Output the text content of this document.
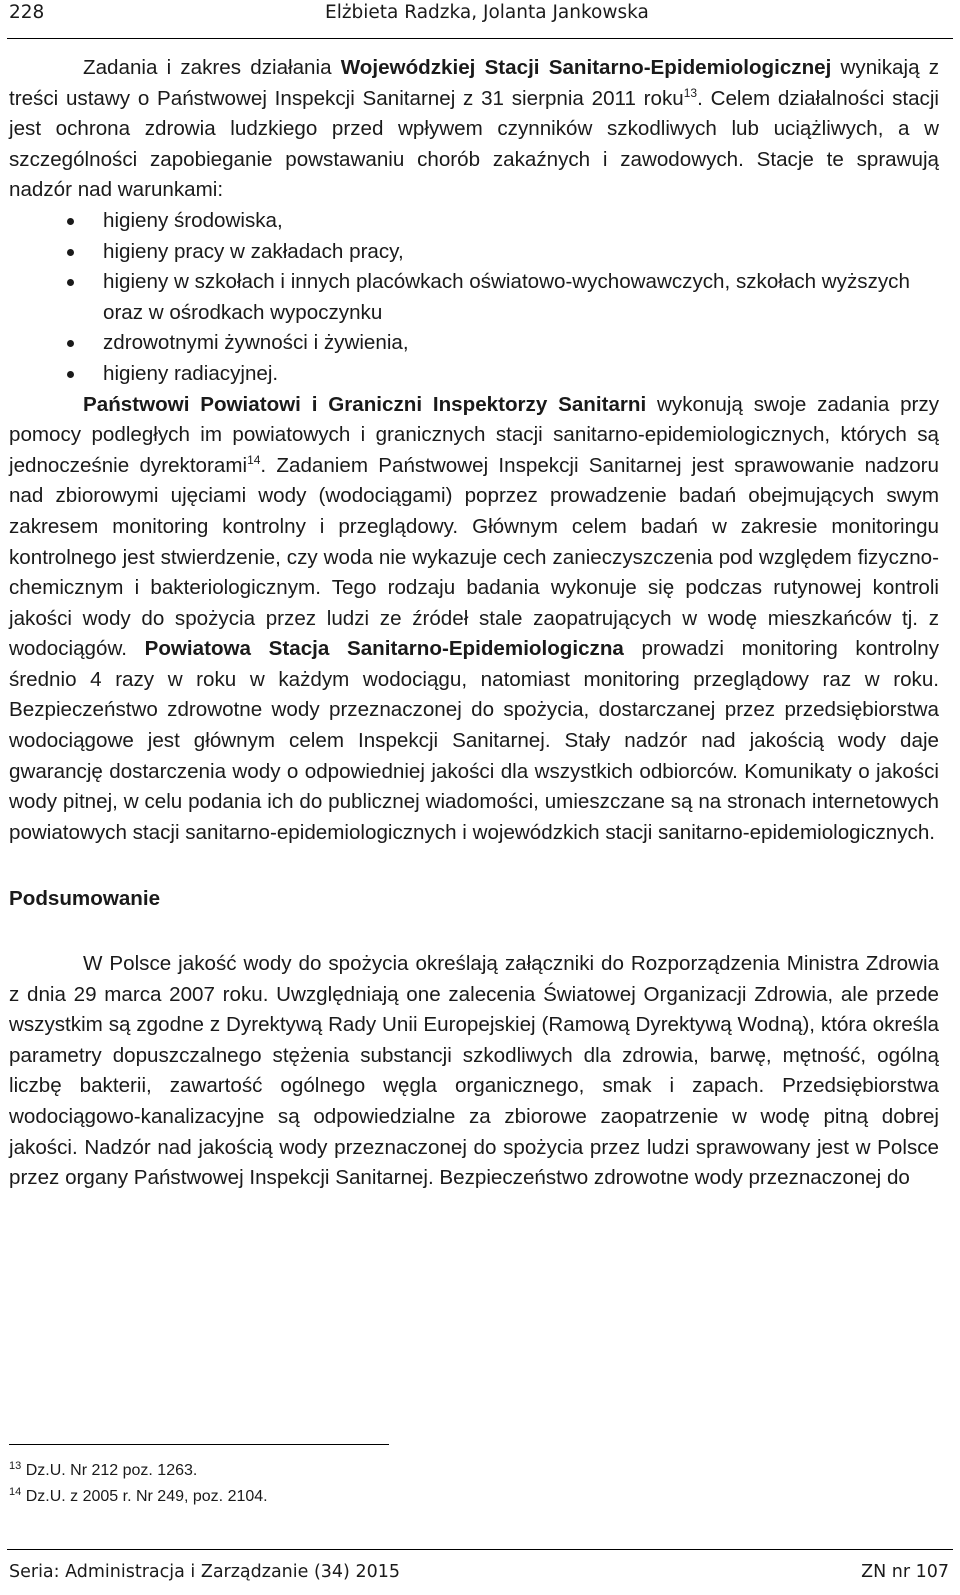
228	Elżbieta Radzka, Jolanta Jankowska

Zadania i zakres działania Wojewódzkiej Stacji Sanitarno-Epidemiologicznej wynikają z treści ustawy o Państwowej Inspekcji Sanitarnej z 31 sierpnia 2011 roku$^{13}$. Celem działalności stacji jest ochrona zdrowia ludzkiego przed wpływem czynników szkodliwych lub uciążliwych, a w szczególności zapobieganie powstawaniu chorób zakaźnych i zawodowych. Stacje te sprawują nadzór nad warunkami:

higieny środowiska,
higieny pracy w zakładach pracy,
higieny w szkołach i innych placówkach oświatowo-wychowawczych, szkołach wyższych oraz w ośrodkach wypoczynku
zdrowotnymi żywności i żywienia,
higieny radiacyjnej.

Państwowi Powiatowi i Graniczni Inspektorzy Sanitarni wykonują swoje zadania przy pomocy podległych im powiatowych i granicznych stacji sanitarno-epidemiologicznych, których są jednocześnie dyrektorami$^{14}$. Zadaniem Państwowej Inspekcji Sanitarnej jest sprawowanie nadzoru nad zbiorowymi ujęciami wody (wodociągami) poprzez prowadzenie badań obejmujących swym zakresem monitoring kontrolny i przeglądowy. Głównym celem badań w zakresie monitoringu kontrolnego jest stwierdzenie, czy woda nie wykazuje cech zanieczyszczenia pod względem fizyczno-chemicznym i bakteriologicznym. Tego rodzaju badania wykonuje się podczas rutynowej kontroli jakości wody do spożycia przez ludzi ze źródeł stale zaopatrujących w wodę mieszkańców tj. z wodociągów. Powiatowa Stacja Sanitarno-Epidemiologiczna prowadzi monitoring kontrolny średnio 4 razy w roku w każdym wodociągu, natomiast monitoring przeglądowy raz w roku. Bezpieczeństwo zdrowotne wody przeznaczonej do spożycia, dostarczanej przez przedsiębiorstwa wodociągowe jest głównym celem Inspekcji Sanitarnej. Stały nadzór nad jakością wody daje gwarancję dostarczenia wody o odpowiedniej jakości dla wszystkich odbiorców. Komunikaty o jakości wody pitnej, w celu podania ich do publicznej wiadomości, umieszczane są na stronach internetowych powiatowych stacji sanitarno-epidemiologicznych i wojewódzkich stacji sanitarno-epidemiologicznych.

Podsumowanie

W Polsce jakość wody do spożycia określają załączniki do Rozporządzenia Ministra Zdrowia z dnia 29 marca 2007 roku. Uwzględniają one zalecenia Światowej Organizacji Zdrowia, ale przede wszystkim są zgodne z Dyrektywą Rady Unii Europejskiej (Ramową Dyrektywą Wodną), która określa parametry dopuszczalnego stężenia substancji szkodliwych dla zdrowia, barwę, mętność, ogólną liczbę bakterii, zawartość ogólnego węgla organicznego, smak i zapach. Przedsiębiorstwa wodociągowo-kanalizacyjne są odpowiedzialne za zbiorowe zaopatrzenie w wodę pitną dobrej jakości. Nadzór nad jakością wody przeznaczonej do spożycia przez ludzi sprawowany jest w Polsce przez organy Państwowej Inspekcji Sanitarnej. Bezpieczeństwo zdrowotne wody przeznaczonej do

$^{13}$ Dz.U. Nr 212 poz. 1263.
$^{14}$ Dz.U. z 2005 r. Nr 249, poz. 2104.
Seria: Administracja i Zarządzanie (34) 2015	ZN nr 107
